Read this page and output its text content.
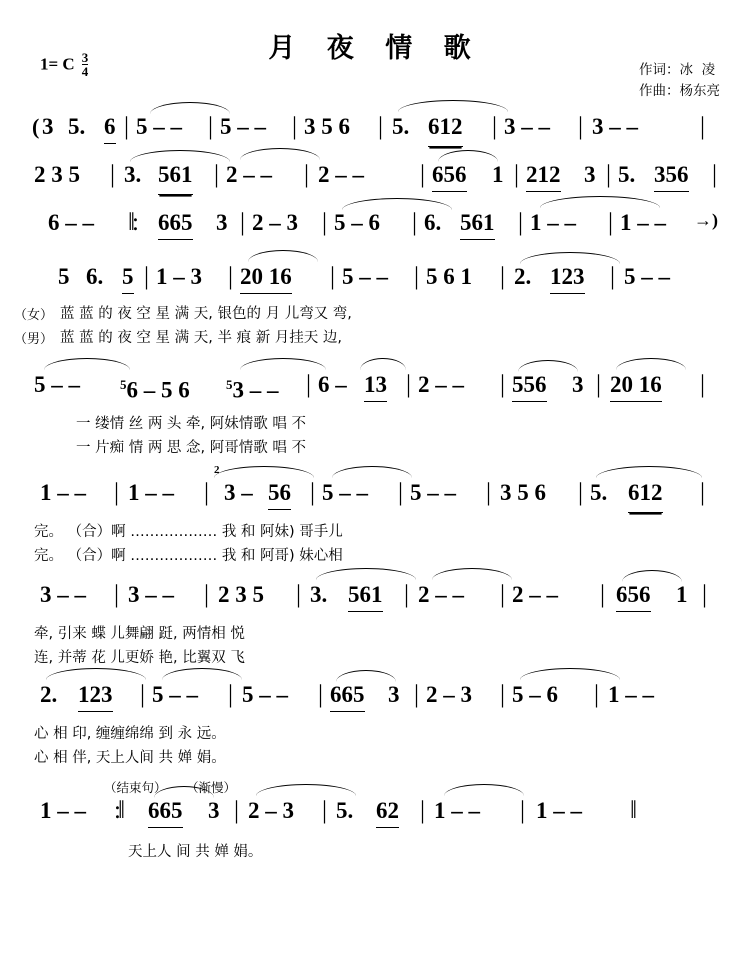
月 夜 情 歌
1= C $\frac{3}{4}$	作词：冰  凌
作曲：杨东亮
( 3 5. 6 | 5 – – | 5 – – | 3 5 6 | 5. 612 | 3 – – | 3 – – |
2 3 5 | 3. 561 | 2 – – | 2 – – | 656 1 | 212 3 | 5. 356 |
6 – – ‖: 665 3 | 2 – 3 | 5 – 6 | 6. 561 | 1 – – | 1 – – →)
5 6. 5 | 1 – 3 | 20 16 | 5 – – | 5 6 1 | 2. 123 | 5 – –
（女） 蓝 蓝 的 夜 空 星 满 天, 银色的 月 儿弯又 弯,
（男） 蓝 蓝 的 夜 空 星 满 天, 半 痕 新 月挂天 边,
5 – –	$^5$6 – 5 6	$^5$3 – – | 6 – 13 | 2 – – | 556 3 | 20 16 |
一 缕情 丝 两 头 牵, 阿妹情歌 唱 不
一 片痴 情 两 思 念, 阿哥情歌 唱 不
1 – – | 1 – – |
2
3 – 56 | 5 – – | 5 – – | 3 5 6 | 5. 612 |
完。 （合）啊 ……………… 我 和 阿妹) 哥手儿
完。 （合）啊 ……………… 我 和 阿哥) 妹心相
3 – – | 3 – – | 2 3 5 | 3. 561 | 2 – – | 2 – – | 656 1 |
牵, 引来 蝶 儿舞翩 跹, 两情相 悦
连, 并蒂 花 儿更娇 艳, 比翼双 飞
2. 123 | 5 – – | 5 – – | 665 3 | 2 – 3 | 5 – 6 | 1 – –
心 相 印, 缠缠绵绵 到 永 远。
心 相 伴, 天上人间 共 婵 娟。
（结束句） （渐慢）
1 – – :‖ 665 3 | 2 – 3 | 5. 62 | 1 – – | 1 – – ‖
天上人 间 共 婵 娟。
